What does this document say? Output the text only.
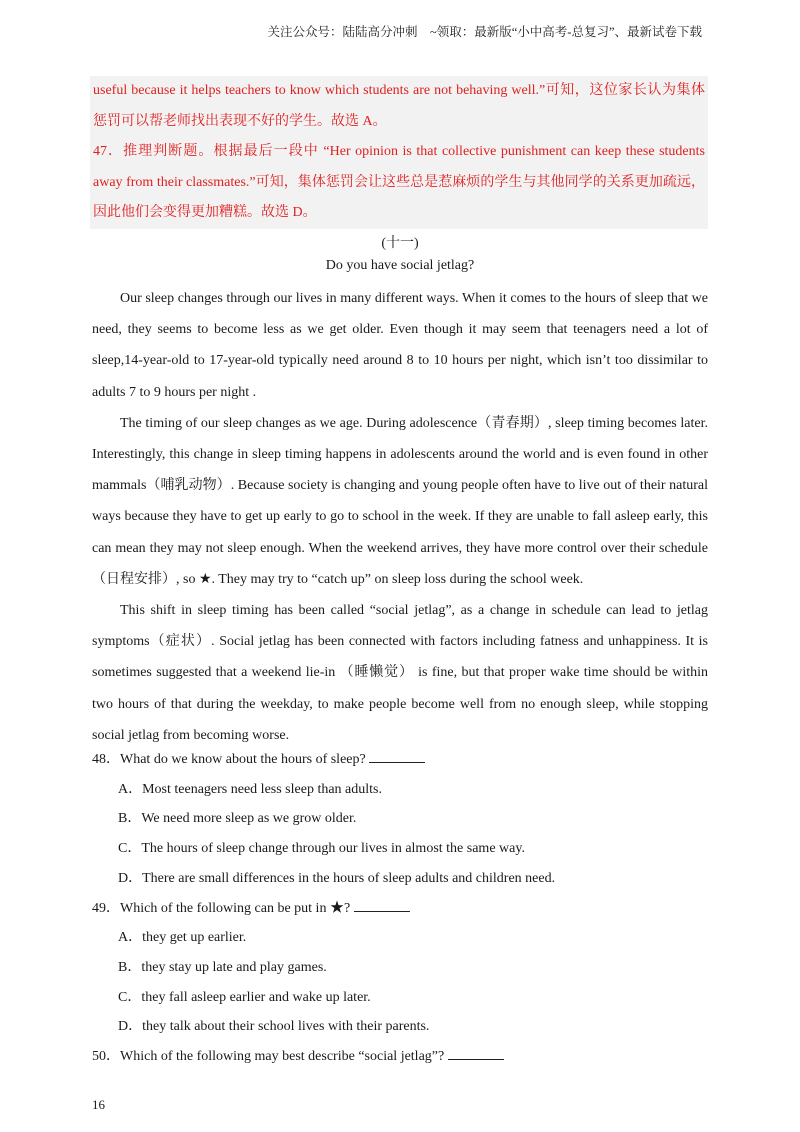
关注公众号：陆陆高分冲刺　~领取：最新版“小中高考-总复习”、最新试卷下载

useful because it helps teachers to know which students are not behaving well.”可知，这位家长认为集体惩罚可以帮老师找出表现不好的学生。故选 A。

47．推理判断题。根据最后一段中 “Her opinion is that collective punishment can keep these students away from their classmates.”可知，集体惩罚会让这些总是惹麻烦的学生与其他同学的关系更加疏远，因此他们会变得更加糟糕。故选 D。

(十一)
Do you have social jetlag?

Our sleep changes through our lives in many different ways. When it comes to the hours of sleep that we need, they seems to become less as we get older. Even though it may seem that teenagers need a lot of sleep,14-year-old to 17-year-old typically need around 8 to 10 hours per night, which isn’t too dissimilar to adults 7 to 9 hours per night .

The timing of our sleep changes as we age. During adolescence（青春期）, sleep timing becomes later. Interestingly, this change in sleep timing happens in adolescents around the world and is even found in other mammals（哺乳动物）. Because society is changing and young people often have to live out of their natural ways because they have to get up early to go to school in the week. If they are unable to fall asleep early, this can mean they may not sleep enough. When the weekend arrives, they have more control over their schedule（日程安排）, so ★. They may try to “catch up” on sleep loss during the school week.

This shift in sleep timing has been called “social jetlag”, as a change in schedule can lead to jetlag symptoms（症状）. Social jetlag has been connected with factors including fatness and unhappiness. It is sometimes suggested that a weekend lie-in （睡懒觉） is fine, but that proper wake time should be within two hours of that during the weekday, to make people become well from no enough sleep, while stopping social jetlag from becoming worse.

48．What do we know about the hours of sleep?

A．Most teenagers need less sleep than adults.

B．We need more sleep as we grow older.

C．The hours of sleep change through our lives in almost the same way.

D．There are small differences in the hours of sleep adults and children need.

49．Which of the following can be put in ★?

A．they get up earlier.

B．they stay up late and play games.

C．they fall asleep earlier and wake up later.

D．they talk about their school lives with their parents.

50．Which of the following may best describe “social jetlag”?

16
